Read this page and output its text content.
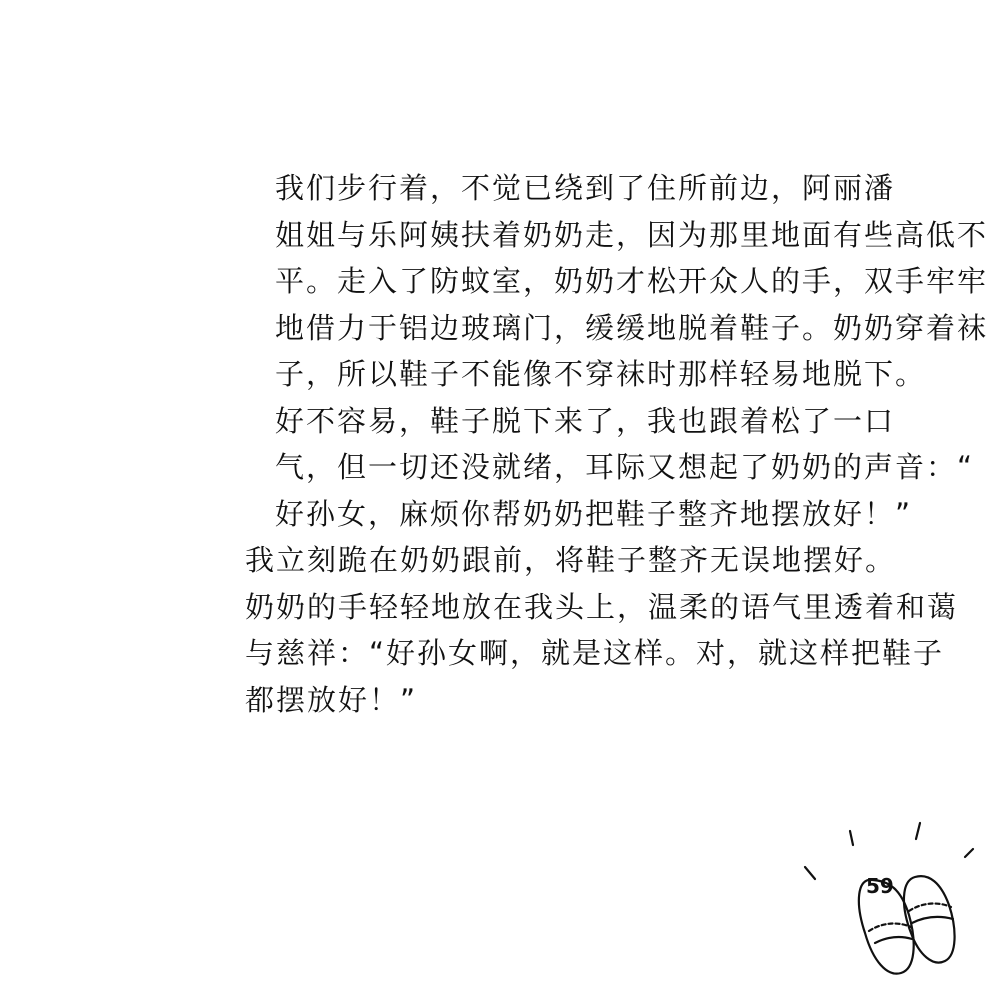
我们步行着，不觉已绕到了住所前边，阿丽潘
姐姐与乐阿姨扶着奶奶走，因为那里地面有些高低不
平。走入了防蚊室，奶奶才松开众人的手，双手牢牢
地借力于铝边玻璃门，缓缓地脱着鞋子。奶奶穿着袜
子，所以鞋子不能像不穿袜时那样轻易地脱下。

好不容易，鞋子脱下来了，我也跟着松了一口
气，但一切还没就绪，耳际又想起了奶奶的声音：“
好孙女，麻烦你帮奶奶把鞋子整齐地摆放好！”

我立刻跪在奶奶跟前，将鞋子整齐无误地摆好。
奶奶的手轻轻地放在我头上，温柔的语气里透着和蔼
与慈祥：“好孙女啊，就是这样。对，就这样把鞋子
都摆放好！”

59
